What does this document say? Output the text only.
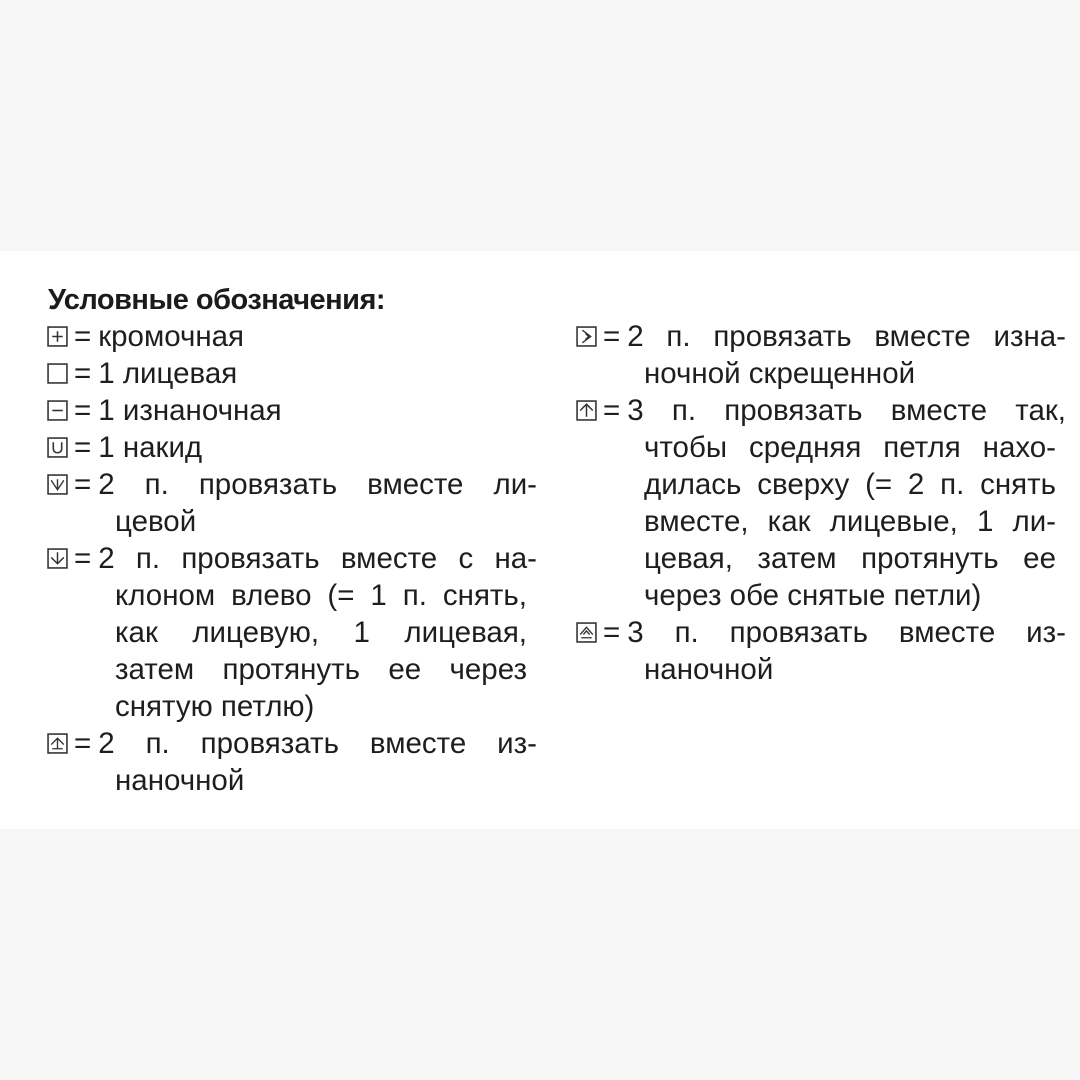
Условные обозначения:
= кромочная
= 1 лицевая
= 1 изнаночная
= 1 накид
= 2 п. провязать вместе ли-
цевой
= 2 п. провязать вместе с на-
клоном влево (= 1 п. снять,
как лицевую, 1 лицевая,
затем протянуть ее через
снятую петлю)
= 2 п. провязать вместе из-
наночной
= 2 п. провязать вместе изна-
ночной скрещенной
= 3 п. провязать вместе так,
чтобы средняя петля нахо-
дилась сверху (= 2 п. снять
вместе, как лицевые, 1 ли-
цевая, затем протянуть ее
через обе снятые петли)
= 3 п. провязать вместе из-
наночной
